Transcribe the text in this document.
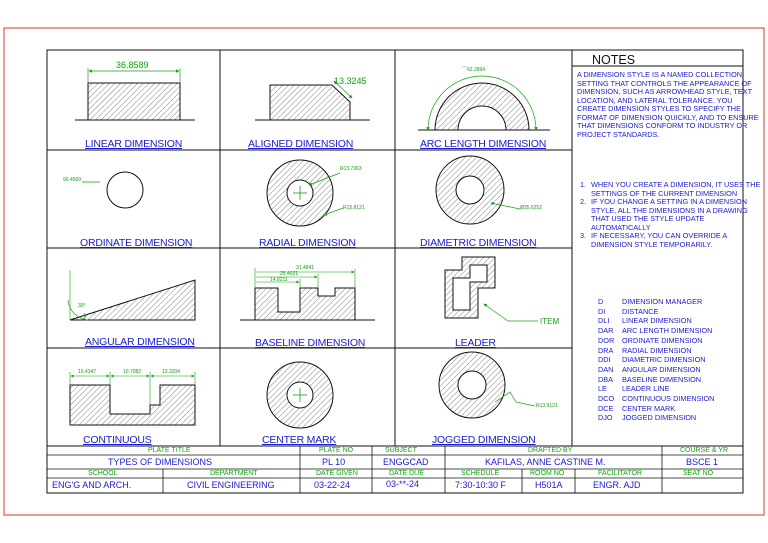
LINEAR DIMENSION	ALIGNED DIMENSION	ARC LENGTH DIMENSION
ORDINATE DIMENSION	RADIAL DIMENSION	DIAMETRIC DIMENSION
ANGULAR DIMENSION	BASELINE DIMENSION	LEADER
CONTINUOUS	CENTER MARK	JOGGED DIMENSION
36.8589
13.3245
⌒62.2894
90.4569
R13.7363
R15.8121	Ø35.6252
30°
31.4841
25.4021
14.8211
ITEM
10.4347	10.7082	13.3204
R13.9121
NOTES

A DIMENSION STYLE IS A NAMED COLLECTION SETTING THAT CONTROLS THE APPEARANCE OF DIMENSION, SUCH AS ARROWHEAD STYLE, TEXT LOCATION, AND LATERAL TOLERANCE. YOU CREATE DIMENSION STYLES TO SPECIFY THE FORMAT OF DIMENSION QUICKLY, AND TO ENSURE THAT DIMENSIONS CONFORM TO INDUSTRY OR PROJECT STANDARDS.

1. WHEN YOU CREATE A DIMENSION, IT USES THE SETTINGS OF THE CURRENT DIMENSION
2. IF YOU CHANGE A SETTING IN A DIMENSION STYLE, ALL THE DIMENSIONS IN A DRAWING THAT USED THE STYLE UPDATE AUTOMATICALLY
3. IF NECESSARY, YOU CAN OVERRIDE A DIMENSION STYLE TEMPORARILY.
D	DIMENSION MANAGER
DI	DISTANCE
DLI	LINEAR DIMENSION
DAR	ARC LENGTH DIMENSION
DOR	ORDINATE DIMENSION
DRA	RADIAL DIMENSION
DDI	DIAMETRIC DIMENSION
DAN	ANGULAR DIMENSION
DBA	BASELINE DIMENSION
LE	LEADER LINE
DCO	CONTINUOUS DIMENSION
DCE	CENTER MARK
DJO	JOGGED DIMENSION
PLATE TITLE
TYPES OF DIMENSIONS
PLATE NO
PL 10
SUBJECT
ENGGCAD
DRAFTED BY
KAFILAS, ANNE CASTINE M.
COURSE & YR
BSCE 1
SCHOOL
ENG'G AND ARCH.
DEPARTMENT
CIVIL ENGINEERING
DATE GIVEN
03-22-24
DATE DUE
03-**-24
SCHEDULE
7:30-10:30 F
ROOM NO
H501A
FACILITATOR
ENGR. AJD
SEAT NO
